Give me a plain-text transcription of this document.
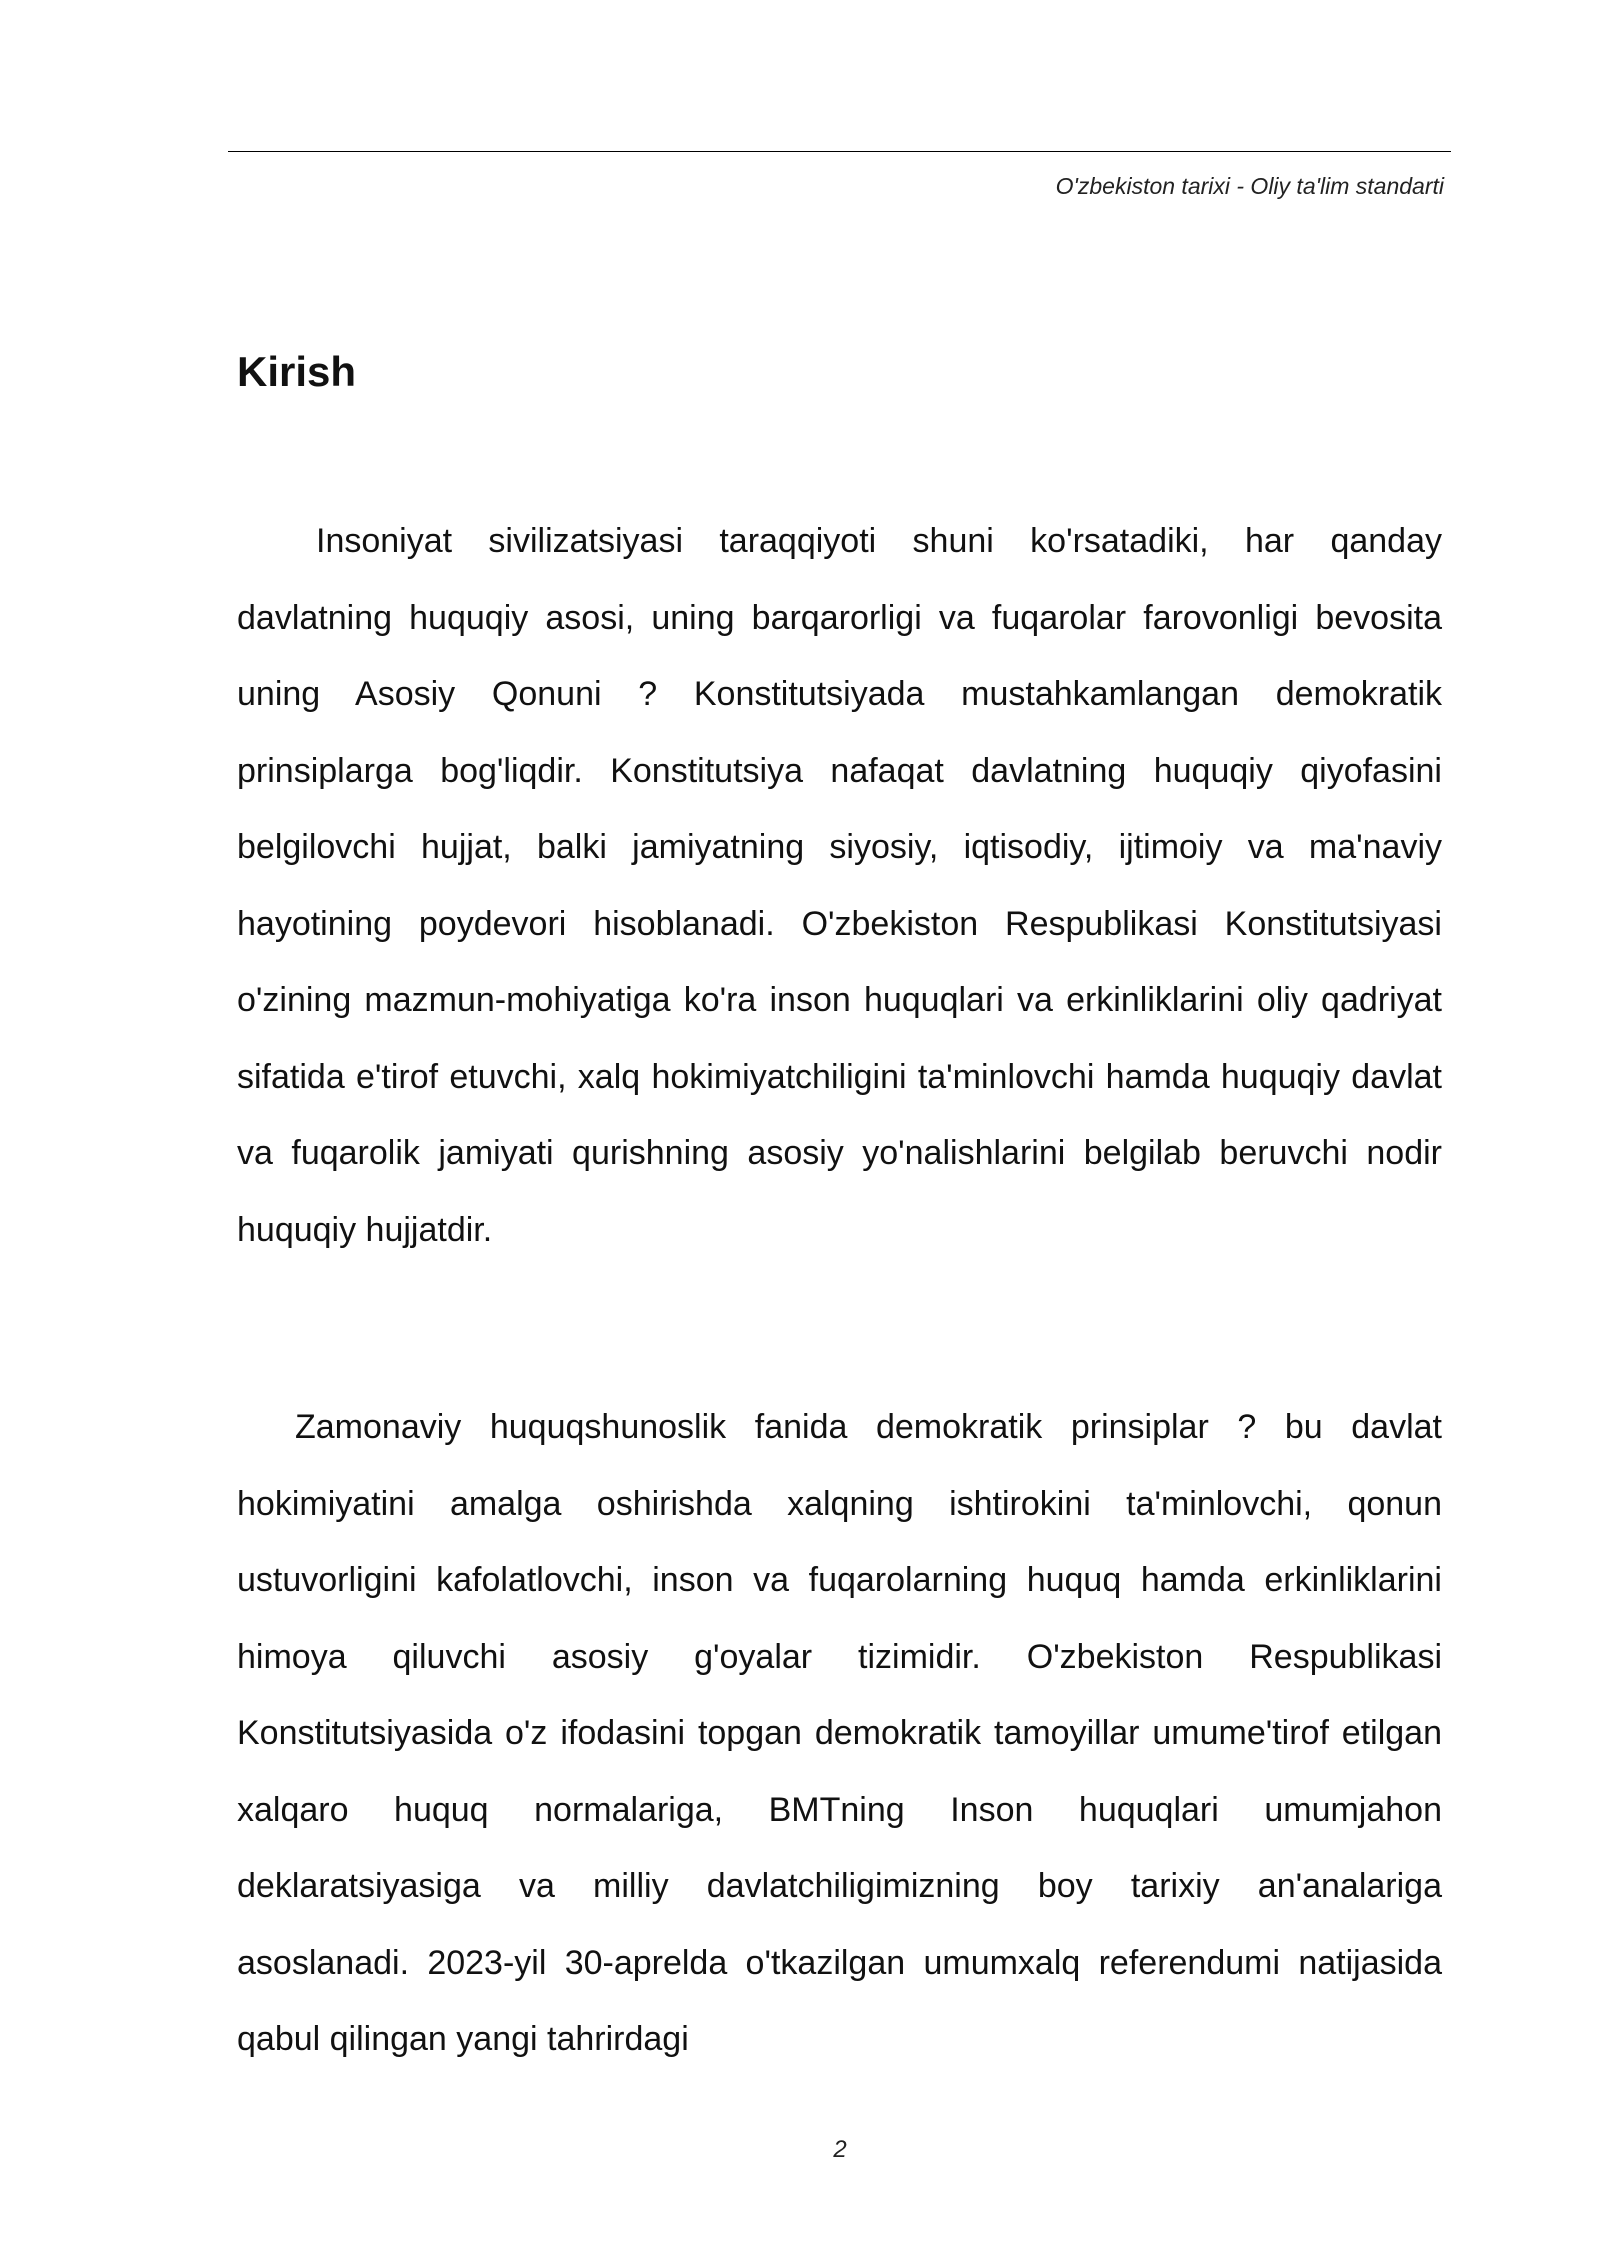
O'zbekiston tarixi - Oliy ta'lim standarti
Kirish

Insoniyat sivilizatsiyasi taraqqiyoti shuni ko'rsatadiki, har qanday davlatning huquqiy asosi, uning barqarorligi va fuqarolar farovonligi bevosita uning Asosiy Qonuni ? Konstitutsiyada mustahkamlangan demokratik prinsiplarga bog'liqdir. Konstitutsiya nafaqat davlatning huquqiy qiyofasini belgilovchi hujjat, balki jamiyatning siyosiy, iqtisodiy, ijtimoiy va ma'naviy hayotining poydevori hisoblanadi. O'zbekiston Respublikasi Konstitutsiyasi o'zining mazmun-mohiyatiga ko'ra inson huquqlari va erkinliklarini oliy qadriyat sifatida e'tirof etuvchi, xalq hokimiyatchiligini ta'minlovchi hamda huquqiy davlat va fuqarolik jamiyati qurishning asosiy yo'nalishlarini belgilab beruvchi nodir huquqiy hujjatdir.

Zamonaviy huquqshunoslik fanida demokratik prinsiplar ? bu davlat hokimiyatini amalga oshirishda xalqning ishtirokini ta'minlovchi, qonun ustuvorligini kafolatlovchi, inson va fuqarolarning huquq hamda erkinliklarini himoya qiluvchi asosiy g'oyalar tizimidir. O'zbekiston Respublikasi Konstitutsiyasida o'z ifodasini topgan demokratik tamoyillar umume'tirof etilgan xalqaro huquq normalariga, BMTning Inson huquqlari umumjahon deklaratsiyasiga va milliy davlatchiligimizning boy tarixiy an'analariga asoslanadi. 2023-yil 30-aprelda o'tkazilgan umumxalq referendumi natijasida qabul qilingan yangi tahrirdagi

2
